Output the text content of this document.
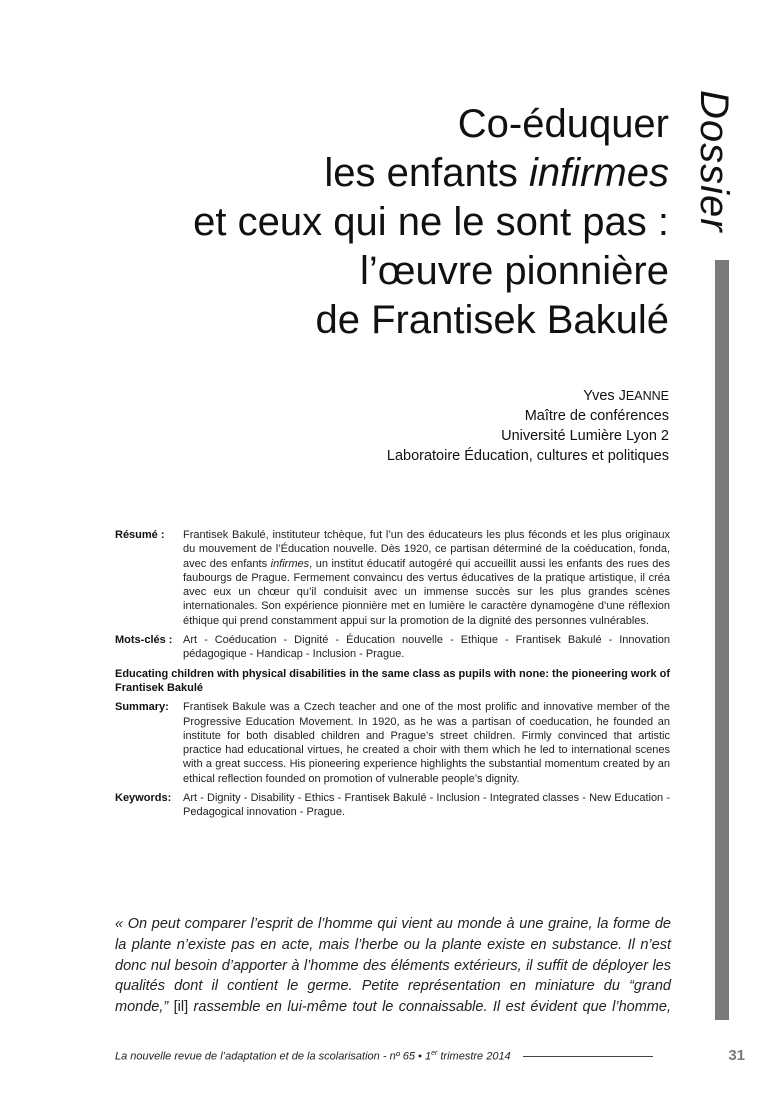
Dossier
Co-éduquer
les enfants infirmes
et ceux qui ne le sont pas :
l’œuvre pionnière
de Frantisek Bakulé
Yves JEANNE
Maître de conférences
Université Lumière Lyon 2
Laboratoire Éducation, cultures et politiques
Résumé :	Frantisek Bakulé, instituteur tchèque, fut l’un des éducateurs les plus féconds et les plus originaux du mouvement de l’Éducation nouvelle. Dès 1920, ce partisan déterminé de la coéducation, fonda, avec des enfants infirmes, un institut éducatif autogéré qui accueillit aussi les enfants des rues des faubourgs de Prague. Fermement convaincu des vertus éducatives de la pratique artistique, il créa avec eux un chœur qu’il conduisit avec un immense succès sur les plus grandes scènes internationales. Son expérience pionnière met en lumière le caractère dynamogène d’une réflexion éthique qui prend constamment appui sur la promotion de la dignité des personnes vulnérables.
Mots-clés : Art - Coéducation - Dignité - Éducation nouvelle - Ethique - Frantisek Bakulé - Innovation pédagogique - Handicap - Inclusion - Prague.
Educating children with physical disabilities in the same class as pupils with none: the pioneering work of Frantisek Bakulé
Summary:	Frantisek Bakule was a Czech teacher and one of the most prolific and innovative member of the Progressive Education Movement. In 1920, as he was a partisan of coeducation, he founded an institute for both disabled children and Prague’s street children. Firmly convinced that artistic practice had educational virtues, he created a choir with them which he led to international scenes with a great success. His pioneering experience highlights the substantial momentum created by an ethical reflection founded on promotion of vulnerable people’s dignity.
Keywords:	Art - Dignity - Disability - Ethics - Frantisek Bakulé - Inclusion - Integrated classes - New Education - Pedagogical innovation - Prague.
« On peut comparer l’esprit de l’homme qui vient au monde à une graine, la forme de la plante n’existe pas en acte, mais l’herbe ou la plante existe en substance. Il n’est donc nul besoin d’apporter à l’homme des éléments extérieurs, il suffit de déployer les qualités dont il contient le germe. Petite représentation en miniature du “grand monde,” [il] rassemble en lui-même tout le connaissable. Il est évident que l’homme,
La nouvelle revue de l’adaptation et de la scolarisation - nº 65 • 1er trimestre 2014	31
